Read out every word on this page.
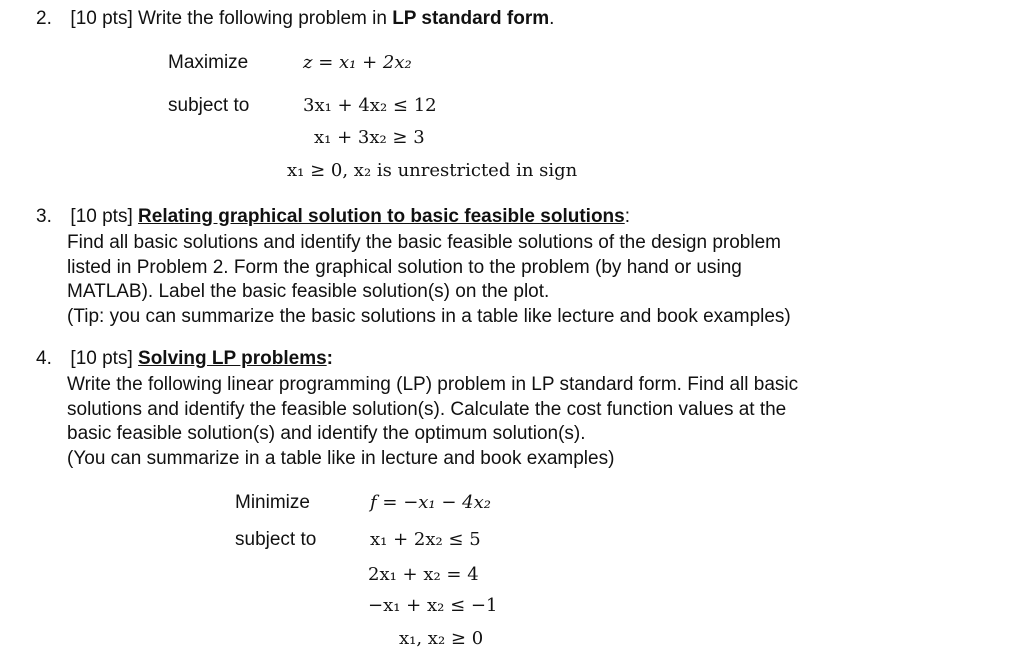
2. [10 pts] Write the following problem in LP standard form.
Maximize	z = x₁ + 2x₂
subject to	3x₁ + 4x₂ ≤ 12
x₁ + 3x₂ ≥ 3
x₁ ≥ 0, x₂ is unrestricted in sign
3. [10 pts] Relating graphical solution to basic feasible solutions:
Find all basic solutions and identify the basic feasible solutions of the design problem
listed in Problem 2. Form the graphical solution to the problem (by hand or using
MATLAB). Label the basic feasible solution(s) on the plot.
(Tip: you can summarize the basic solutions in a table like lecture and book examples)
4. [10 pts] Solving LP problems:
Write the following linear programming (LP) problem in LP standard form. Find all basic
solutions and identify the feasible solution(s). Calculate the cost function values at the
basic feasible solution(s) and identify the optimum solution(s).
(You can summarize in a table like in lecture and book examples)
Minimize	f = −x₁ − 4x₂
subject to	x₁ + 2x₂ ≤ 5
2x₁ + x₂ = 4
−x₁ + x₂ ≤ −1
x₁, x₂ ≥ 0
